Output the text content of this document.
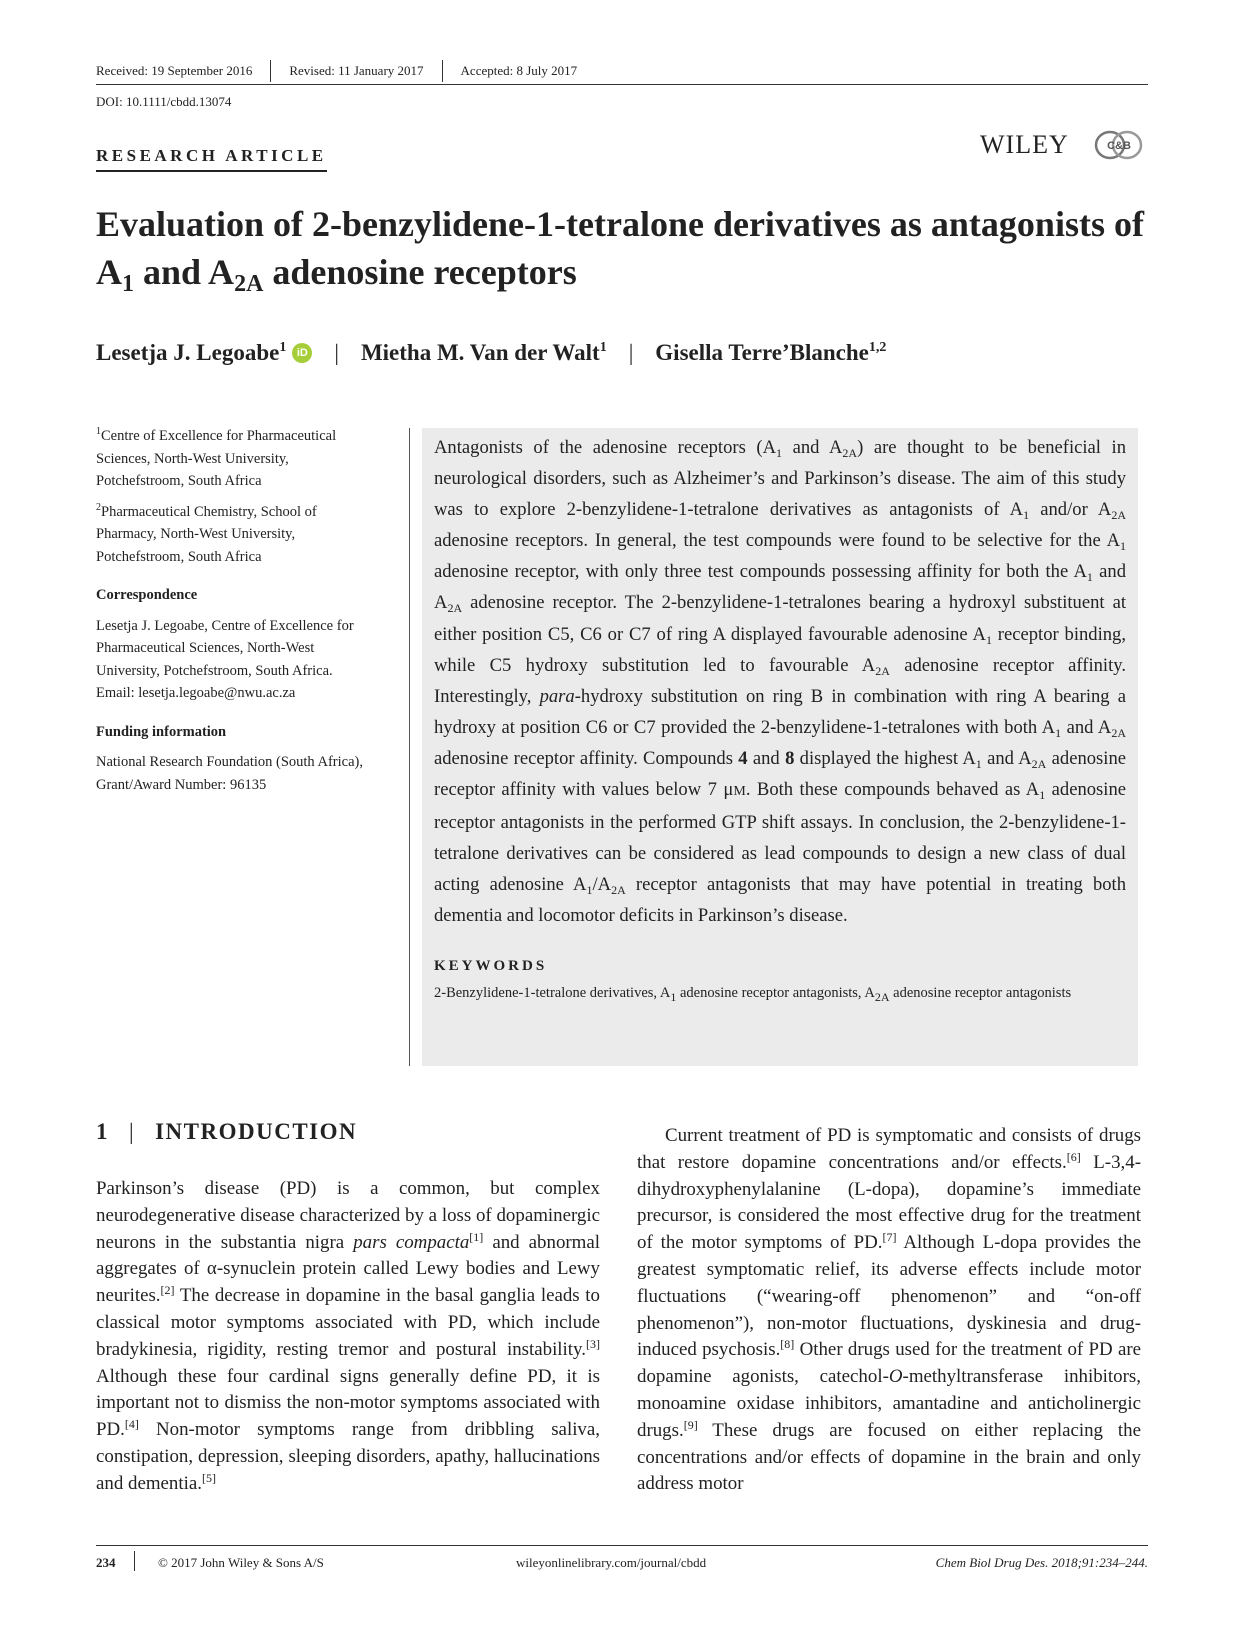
Received: 19 September 2016	Revised: 11 January 2017	Accepted: 8 July 2017
DOI: 10.1111/cbdd.13074
RESEARCH ARTICLE	WILEY	C&B
Evaluation of 2-benzylidene-1-tetralone derivatives as antagonists of $A_1$ and $A_{2A}$ adenosine receptors
Lesetja J. Legoabe$^1$ iD | Mietha M. Van der Walt$^1$ | Gisella Terre’Blanche$^{1,2}$

$^1$Centre of Excellence for Pharmaceutical Sciences, North-West University, Potchefstroom, South Africa

$^2$Pharmaceutical Chemistry, School of Pharmacy, North-West University, Potchefstroom, South Africa

Correspondence

Lesetja J. Legoabe, Centre of Excellence for Pharmaceutical Sciences, North-West University, Potchefstroom, South Africa.
Email: lesetja.legoabe@nwu.ac.za

Funding information

National Research Foundation (South Africa), Grant/Award Number: 96135

Antagonists of the adenosine receptors ($A_1$ and $A_{2A}$) are thought to be beneficial in neurological disorders, such as Alzheimer’s and Parkinson’s disease. The aim of this study was to explore 2-benzylidene-1-tetralone derivatives as antagonists of $A_1$ and/or $A_{2A}$ adenosine receptors. In general, the test compounds were found to be selective for the $A_1$ adenosine receptor, with only three test compounds possessing affinity for both the $A_1$ and $A_{2A}$ adenosine receptor. The 2-benzylidene-1-tetralones bearing a hydroxyl substituent at either position C5, C6 or C7 of ring A displayed favourable adenosine $A_1$ receptor binding, while C5 hydroxy substitution led to favourable $A_{2A}$ adenosine receptor affinity. Interestingly, para-hydroxy substitution on ring B in combination with ring A bearing a hydroxy at position C6 or C7 provided the 2-benzylidene-1-tetralones with both $A_1$ and $A_{2A}$ adenosine receptor affinity. Compounds 4 and 8 displayed the highest $A_1$ and $A_{2A}$ adenosine receptor affinity with values below 7 μM. Both these compounds behaved as $A_1$ adenosine receptor antagonists in the performed GTP shift assays. In conclusion, the 2-benzylidene-1-tetralone derivatives can be considered as lead compounds to design a new class of dual acting adenosine $A_1/A_{2A}$ receptor antagonists that may have potential in treating both dementia and locomotor deficits in Parkinson’s disease.

KEYWORDS
2-Benzylidene-1-tetralone derivatives, $A_1$ adenosine receptor antagonists, $A_{2A}$ adenosine receptor antagonists
1 | INTRODUCTION

Parkinson’s disease (PD) is a common, but complex neurodegenerative disease characterized by a loss of dopaminergic neurons in the substantia nigra pars compacta[1] and abnormal aggregates of α-synuclein protein called Lewy bodies and Lewy neurites.[2] The decrease in dopamine in the basal ganglia leads to classical motor symptoms associated with PD, which include bradykinesia, rigidity, resting tremor and postural instability.[3] Although these four cardinal signs generally define PD, it is important not to dismiss the non-motor symptoms associated with PD.[4] Non-motor symptoms range from dribbling saliva, constipation, depression, sleeping disorders, apathy, hallucinations and dementia.[5]

Current treatment of PD is symptomatic and consists of drugs that restore dopamine concentrations and/or effects.[6] L-3,4-dihydroxyphenylalanine (L-dopa), dopamine’s immediate precursor, is considered the most effective drug for the treatment of the motor symptoms of PD.[7] Although L-dopa provides the greatest symptomatic relief, its adverse effects include motor fluctuations (“wearing-off phenomenon” and “on-off phenomenon”), non-motor fluctuations, dyskinesia and drug-induced psychosis.[8] Other drugs used for the treatment of PD are dopamine agonists, catechol-O-methyltransferase inhibitors, monoamine oxidase inhibitors, amantadine and anticholinergic drugs.[9] These drugs are focused on either replacing the concentrations and/or effects of dopamine in the brain and only address motor

234	© 2017 John Wiley & Sons A/S	wileyonlinelibrary.com/journal/cbdd	Chem Biol Drug Des. 2018;91:234–244.
